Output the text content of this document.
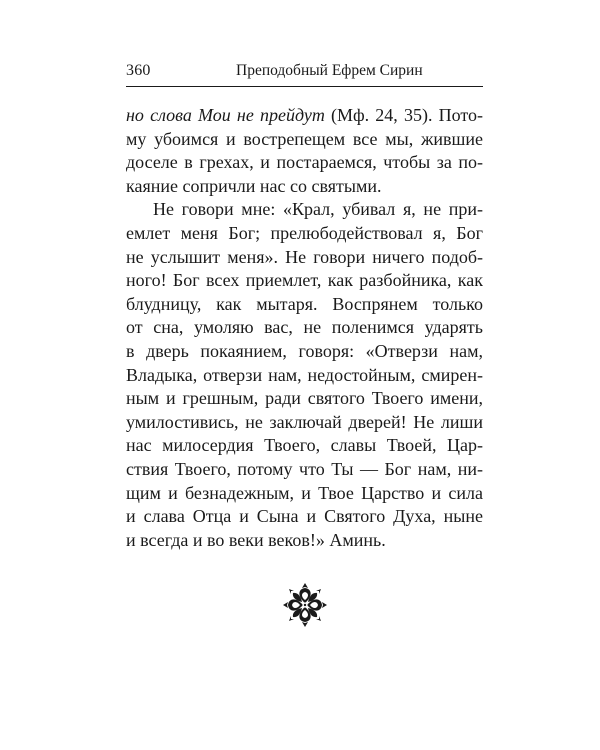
360	Преподобный Ефрем Сирин
но слова Мои не прейдут (Мф. 24, 35). Пото-
му убоимся и вострепещем все мы, жившие
доселе в грехах, и постараемся, чтобы за по-
каяние сопричли нас со святыми.
Не говори мне: «Крал, убивал я, не при-
емлет меня Бог; прелюбодействовал я, Бог
не услышит меня». Не говори ничего подоб-
ного! Бог всех приемлет, как разбойника, как
блудницу, как мытаря. Воспрянем только
от сна, умоляю вас, не поленимся ударять
в дверь покаянием, говоря: «Отверзи нам,
Владыка, отверзи нам, недостойным, смирен-
ным и грешным, ради святого Твоего имени,
умилостивись, не заключай дверей! Не лиши
нас милосердия Твоего, славы Твоей, Цар-
ствия Твоего, потому что Ты — Бог нам, ни-
щим и безнадежным, и Твое Царство и сила
и слава Отца и Сына и Святого Духа, ныне
и всегда и во веки веков!» Аминь.
